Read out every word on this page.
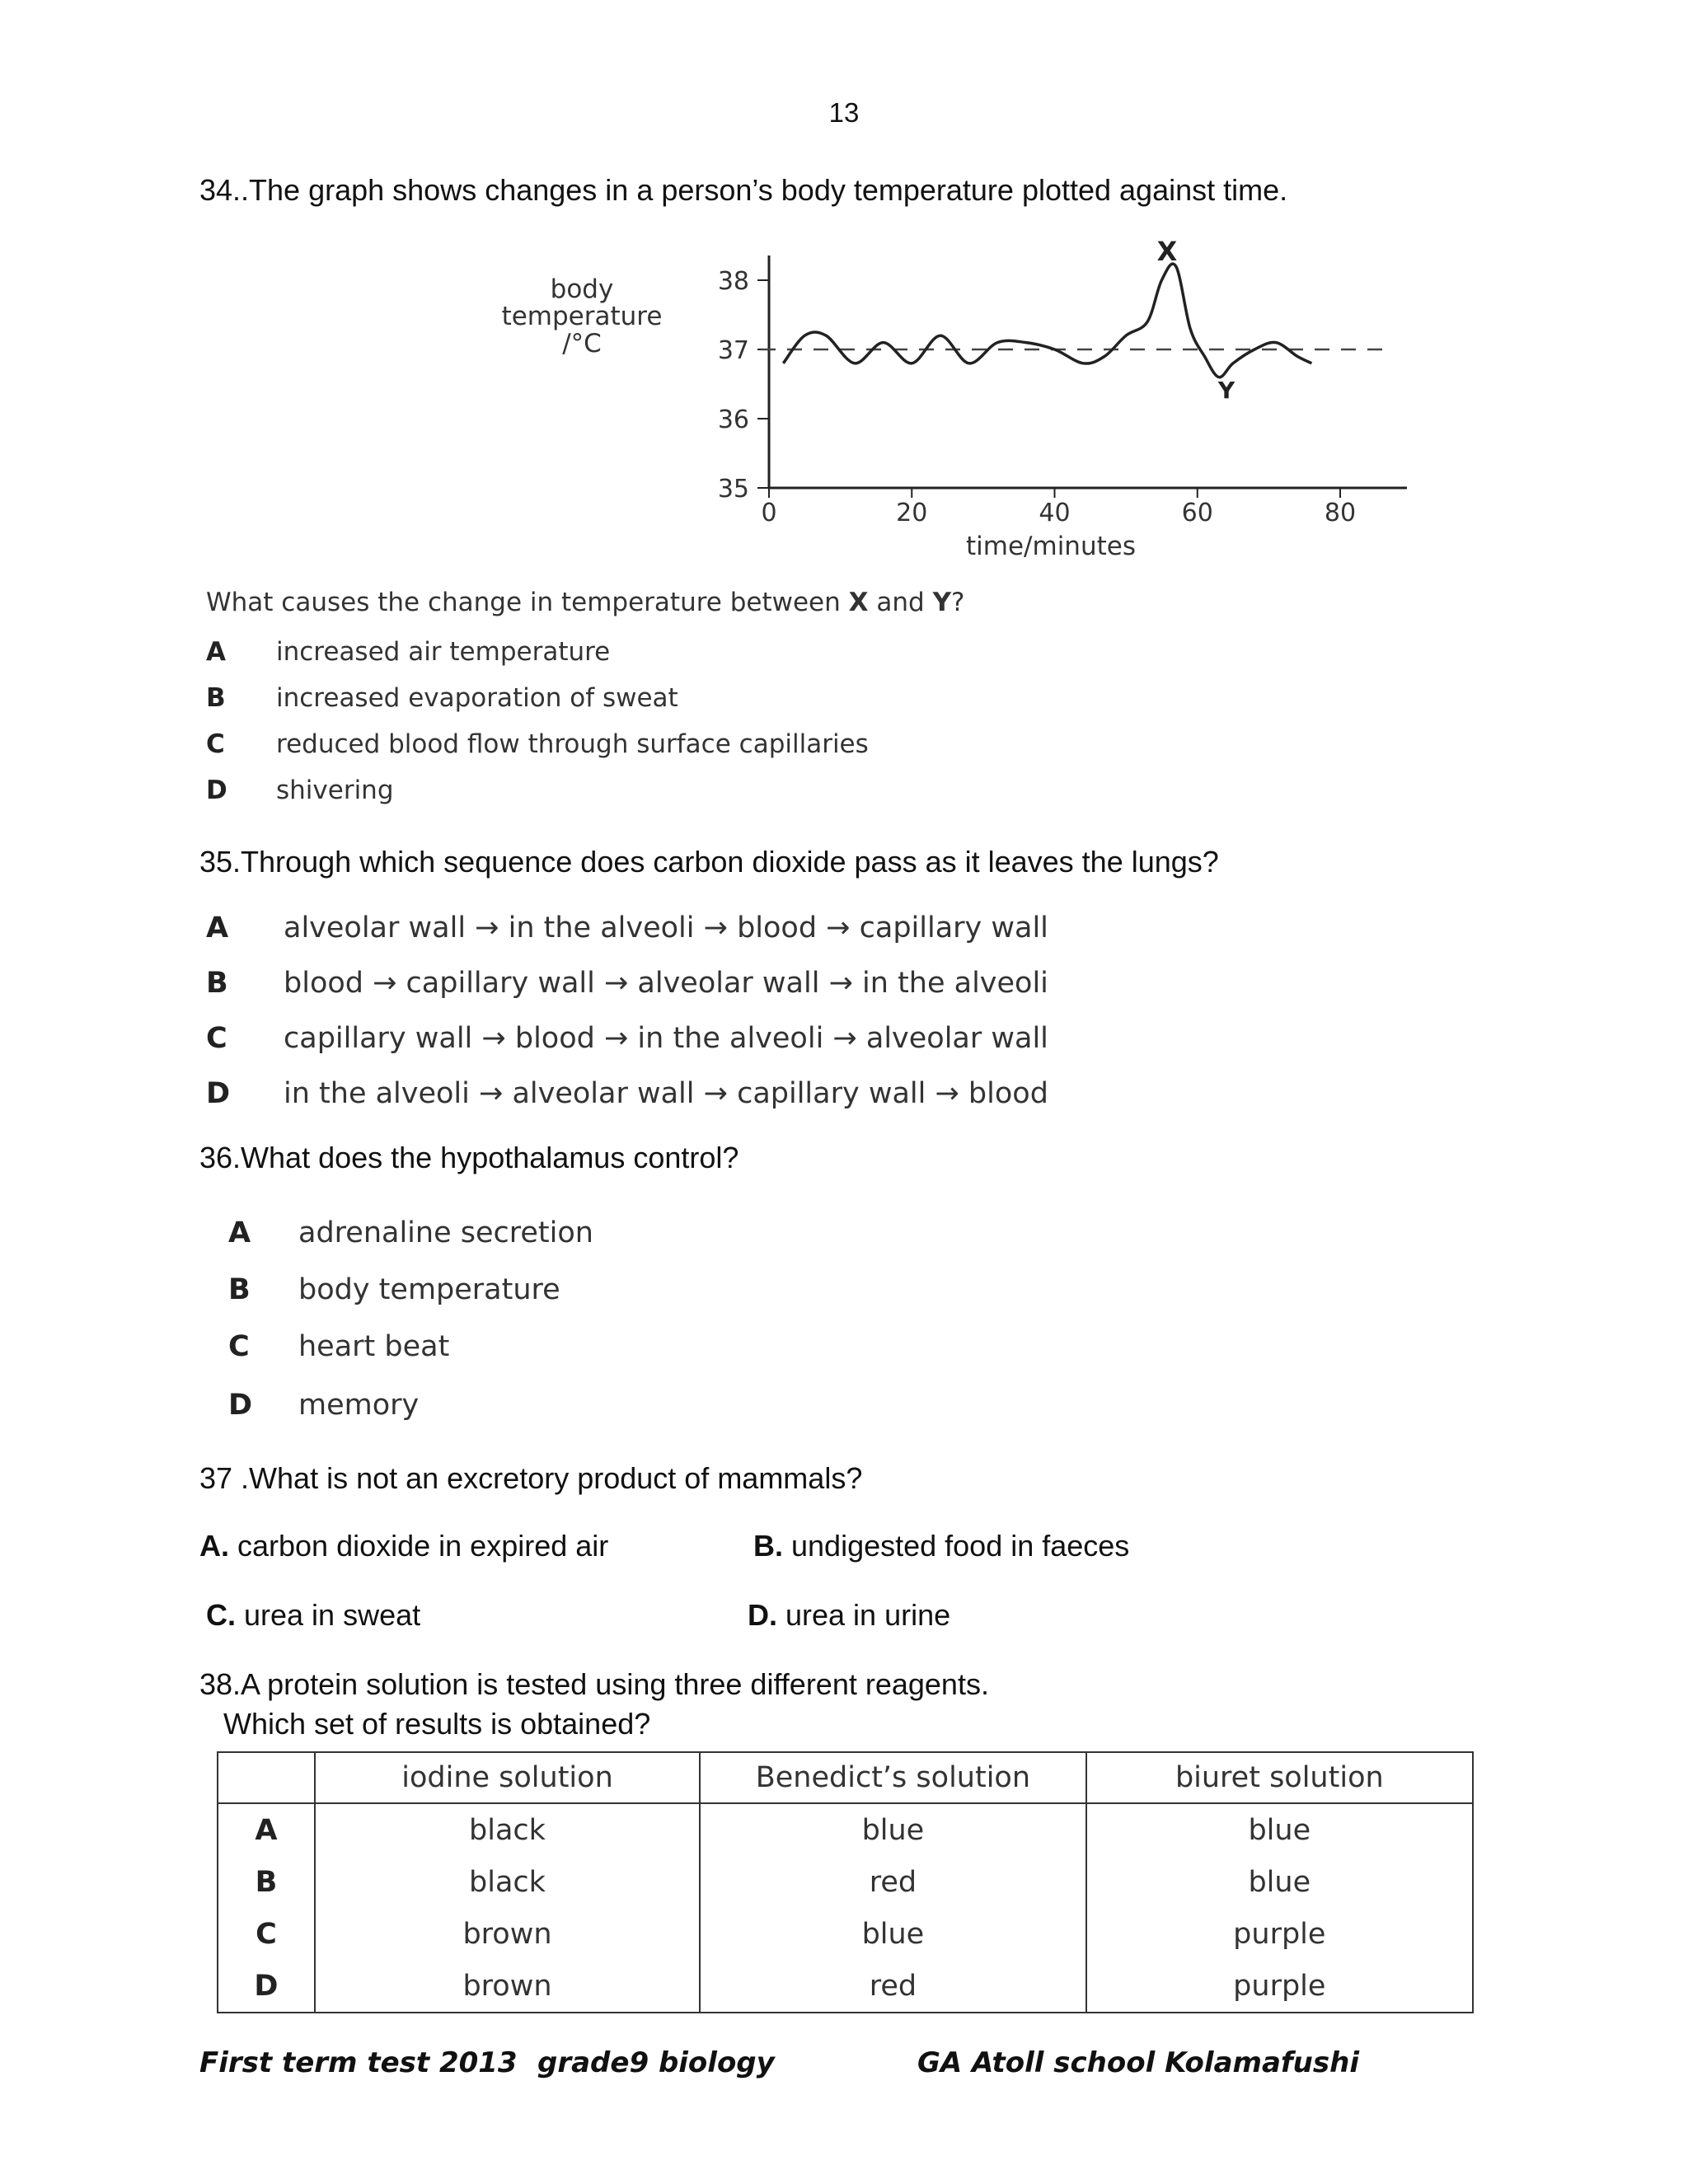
13
34..The graph shows changes in a person’s body temperature plotted against time.
body
temperature
/°C
38
37
36
35
0	20	40	60	80
time/minutes
X
Y
What causes the change in temperature between X and Y?
A increased air temperature
B increased evaporation of sweat
C reduced blood flow through surface capillaries
D shivering
35.Through which sequence does carbon dioxide pass as it leaves the lungs?
A alveolar wall → in the alveoli → blood → capillary wall
B blood → capillary wall → alveolar wall → in the alveoli
C capillary wall → blood → in the alveoli → alveolar wall
D in the alveoli → alveolar wall → capillary wall → blood
36.What does the hypothalamus control?
A adrenaline secretion
B body temperature
C heart beat
D memory
37 .What is not an excretory product of mammals?
A. carbon dioxide in expired air	B. undigested food in faeces
C. urea in sweat	D. urea in urine
38.A protein solution is tested using three different reagents.
Which set of results is obtained?
	iodine solution	Benedict’s solution	biuret solution
A	black	blue	blue
B	black	red	blue
C	brown	blue	purple
D	brown	red	purple
First term test 2013 grade9 biology	GA Atoll school Kolamafushi
